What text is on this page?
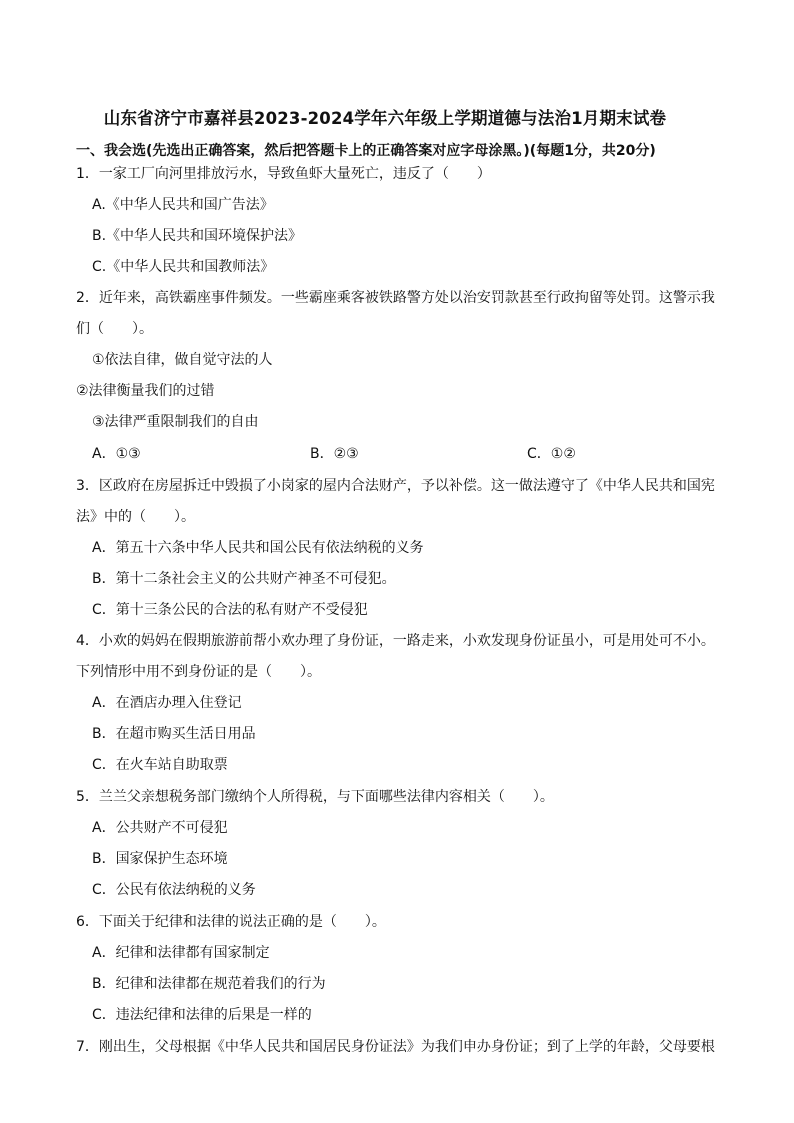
山东省济宁市嘉祥县2023-2024学年六年级上学期道德与法治1月期末试卷
一、我会选(先选出正确答案，然后把答题卡上的正确答案对应字母涂黑。)(每题1分，共20分)
1．一家工厂向河里排放污水，导致鱼虾大量死亡，违反了（　　）
A.《中华人民共和国广告法》
B.《中华人民共和国环境保护法》
C.《中华人民共和国教师法》
2．近年来，高铁霸座事件频发。一些霸座乘客被铁路警方处以治安罚款甚至行政拘留等处罚。这警示我
们（　　）。
①依法自律，做自觉守法的人
②法律衡量我们的过错
③法律严重限制我们的自由
A．①③	B．②③	C．①②
3．区政府在房屋拆迁中毁损了小岗家的屋内合法财产，予以补偿。这一做法遵守了《中华人民共和国宪
法》中的（　　）。
A．第五十六条中华人民共和国公民有依法纳税的义务
B．第十二条社会主义的公共财产神圣不可侵犯。
C．第十三条公民的合法的私有财产不受侵犯
4．小欢的妈妈在假期旅游前帮小欢办理了身份证，一路走来，小欢发现身份证虽小，可是用处可不小。
下列情形中用不到身份证的是（　　）。
A．在酒店办理入住登记
B．在超市购买生活日用品
C．在火车站自助取票
5．兰兰父亲想税务部门缴纳个人所得税，与下面哪些法律内容相关（　　）。
A．公共财产不可侵犯
B．国家保护生态环境
C．公民有依法纳税的义务
6．下面关于纪律和法律的说法正确的是（　　）。
A．纪律和法律都有国家制定
B．纪律和法律都在规范着我们的行为
C．违法纪律和法律的后果是一样的
7．刚出生，父母根据《中华人民共和国居民身份证法》为我们申办身份证；到了上学的年龄，父母要根
